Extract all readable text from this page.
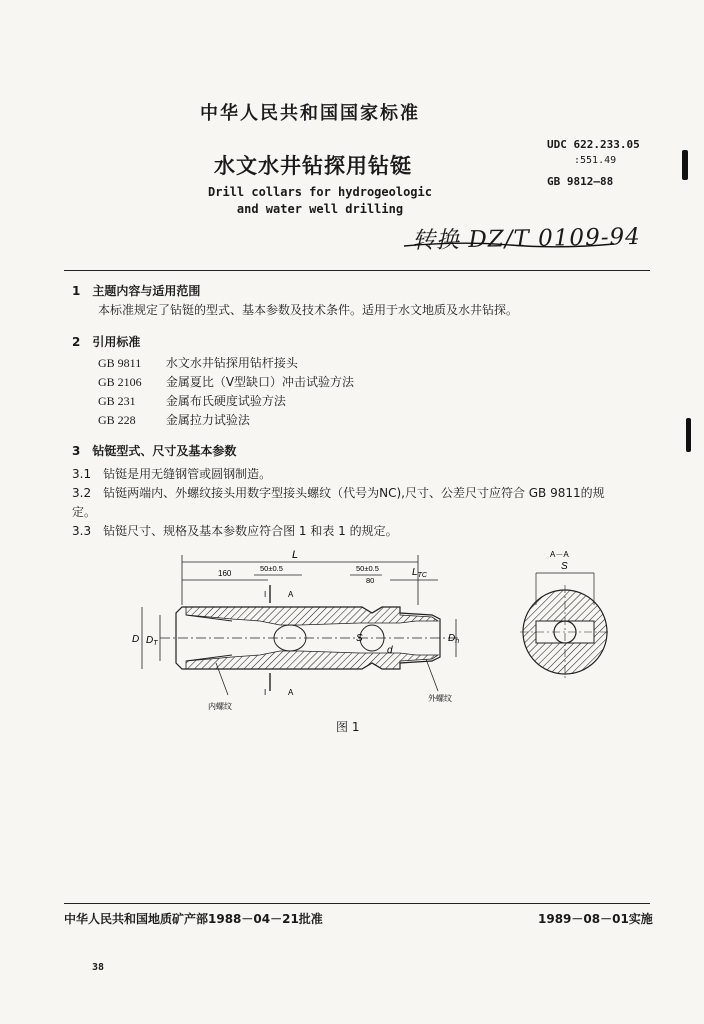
中华人民共和国国家标准
水文水井钻探用钻铤
Drill collars for hydrogeologic
and water well drilling
UDC 622.233.05
:551.49
GB 9812—88
转换 DZ/T 0109-94
1　主题内容与适用范围
本标准规定了钻铤的型式、基本参数及技术条件。适用于水文地质及水井钻探。
2　引用标准
GB 9811 水文水井钻探用钻杆接头
GB 2106 金属夏比（V型缺口）冲击试验方法
GB 231	金属布氏硬度试验方法
GB 228	金属拉力试验法
3　钻铤型式、尺寸及基本参数
3.1　钻铤是用无缝钢管或圆钢制造。
3.2　钻铤两端内、外螺纹接头用数字型接头螺纹（代号为NC),尺寸、公差尺寸应符合 GB 9811的规
定。
3.3　钻铤尺寸、规格及基本参数应符合图 1 和表 1 的规定。
L
160
50±0.5	50±0.5
80
$L_{TC}$
I	A
I	A
D $D_T$	S
d
$D_n$
内螺纹
外螺纹
A－A
S
图 1
中华人民共和国地质矿产部1988－04－21批准	1989－08－01实施
38
